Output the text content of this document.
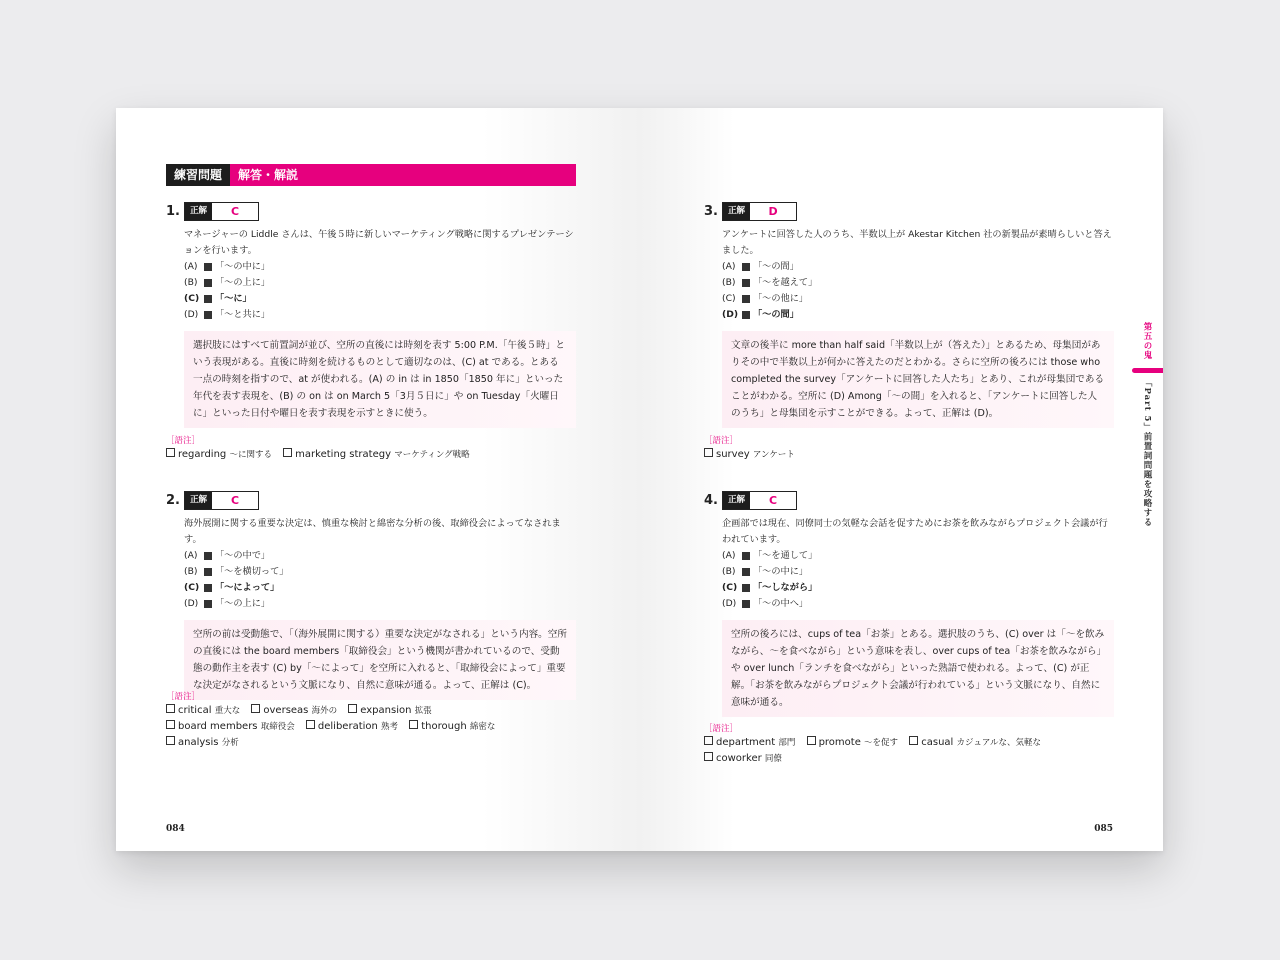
練習問題	解答・解説
1.	正解	C

マネージャーの Liddle さんは、午後５時に新しいマーケティング戦略に関するプレゼンテーションを行います。

(A)	「〜の中に」
(B)	「〜の上に」
(C)	「〜に」
(D)	「〜と共に」
選択肢にはすべて前置詞が並び、空所の直後には時刻を表す 5:00 P.M.「午後５時」という表現がある。直後に時刻を続けるものとして適切なのは、(C) at である。とある一点の時刻を指すので、at が使われる。(A) の in は in 1850「1850 年に」といった年代を表す表現を、(B) の on は on March 5「3月５日に」や on Tuesday「火曜日に」といった日付や曜日を表す表現を示すときに使う。
［語注］
regarding 〜に関する marketing strategy マーケティング戦略
2.	正解	C

海外展開に関する重要な決定は、慎重な検討と綿密な分析の後、取締役会によってなされます。

(A)	「〜の中で」
(B)	「〜を横切って」
(C)	「〜によって」
(D)	「〜の上に」
空所の前は受動態で、「（海外展開に関する）重要な決定がなされる」という内容。空所の直後には the board members「取締役会」という機関が書かれているので、受動態の動作主を表す (C) by「〜によって」を空所に入れると、「取締役会によって」重要な決定がなされるという文脈になり、自然に意味が通る。よって、正解は (C)。
［語注］
critical 重大な overseas 海外の expansion 拡張
board members 取締役会 deliberation 熟考 thorough 綿密な
analysis 分析
084
3.	正解	D

アンケートに回答した人のうち、半数以上が Akestar Kitchen 社の新製品が素晴らしいと答えました。

(A)	「〜の間」
(B)	「〜を越えて」
(C)	「〜の他に」
(D) 「〜の間」
文章の後半に more than half said「半数以上が（答えた）」とあるため、母集団がありその中で半数以上が何かに答えたのだとわかる。さらに空所の後ろには those who completed the survey「アンケートに回答した人たち」とあり、これが母集団であることがわかる。空所に (D) Among「〜の間」を入れると、「アンケートに回答した人のうち」と母集団を示すことができる。よって、正解は (D)。
［語注］
survey アンケート
4.	正解	C

企画部では現在、同僚同士の気軽な会話を促すためにお茶を飲みながらプロジェクト会議が行われています。

(A)	「〜を通して」
(B)	「〜の中に」
(C)	「〜しながら」
(D)	「〜の中へ」
空所の後ろには、cups of tea「お茶」とある。選択肢のうち、(C) over は「〜を飲みながら、〜を食べながら」という意味を表し、over cups of tea「お茶を飲みながら」や over lunch「ランチを食べながら」といった熟語で使われる。よって、(C) が正解。「お茶を飲みながらプロジェクト会議が行われている」という文脈になり、自然に意味が通る。
［語注］
department 部門 promote 〜を促す casual カジュアルな、気軽な
coworker 同僚
第五の鬼
「Part 5」前置詞問題を攻略する
085
